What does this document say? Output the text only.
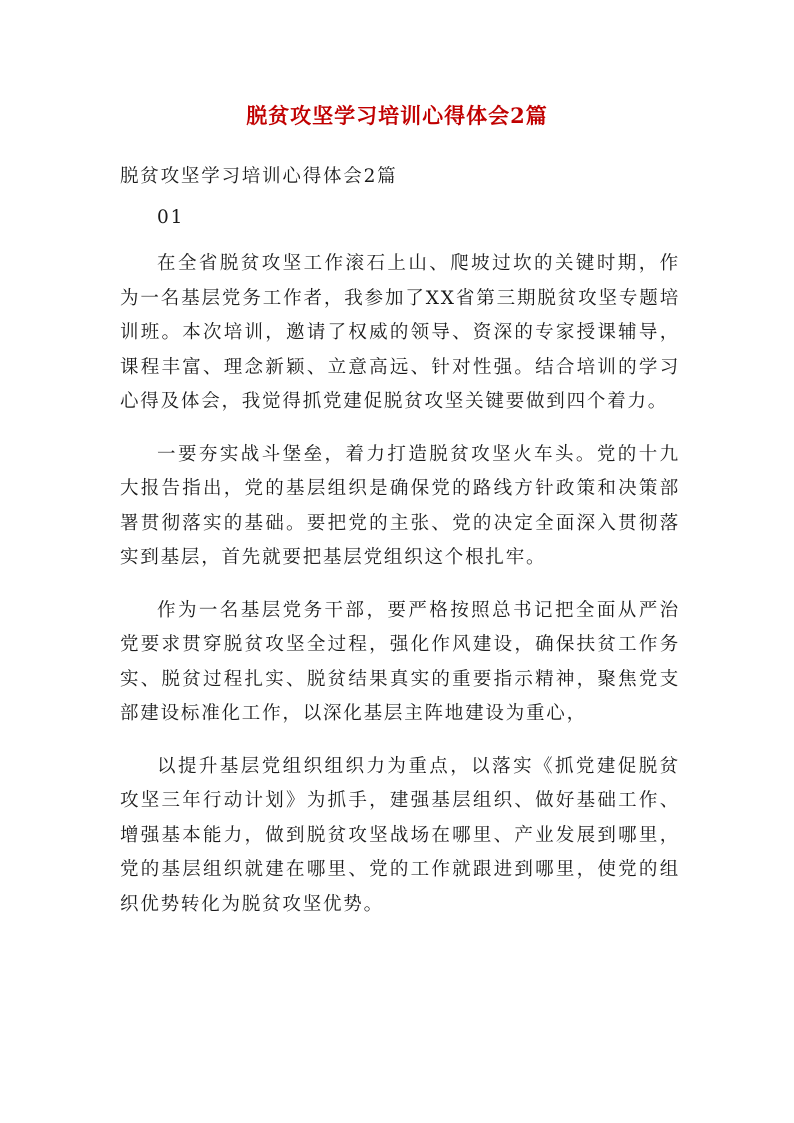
脱贫攻坚学习培训心得体会2篇

脱贫攻坚学习培训心得体会2篇

01

在全省脱贫攻坚工作滚石上山、爬坡过坎的关键时期，作为一名基层党务工作者，我参加了XX省第三期脱贫攻坚专题培训班。本次培训，邀请了权威的领导、资深的专家授课辅导，课程丰富、理念新颖、立意高远、针对性强。结合培训的学习心得及体会，我觉得抓党建促脱贫攻坚关键要做到四个着力。

一要夯实战斗堡垒，着力打造脱贫攻坚火车头。党的十九大报告指出，党的基层组织是确保党的路线方针政策和决策部署贯彻落实的基础。要把党的主张、党的决定全面深入贯彻落实到基层，首先就要把基层党组织这个根扎牢。

作为一名基层党务干部，要严格按照总书记把全面从严治党要求贯穿脱贫攻坚全过程，强化作风建设，确保扶贫工作务实、脱贫过程扎实、脱贫结果真实的重要指示精神，聚焦党支部建设标准化工作，以深化基层主阵地建设为重心，

以提升基层党组织组织力为重点，以落实《抓党建促脱贫攻坚三年行动计划》为抓手，建强基层组织、做好基础工作、增强基本能力，做到脱贫攻坚战场在哪里、产业发展到哪里，党的基层组织就建在哪里、党的工作就跟进到哪里，使党的组织优势转化为脱贫攻坚优势。
